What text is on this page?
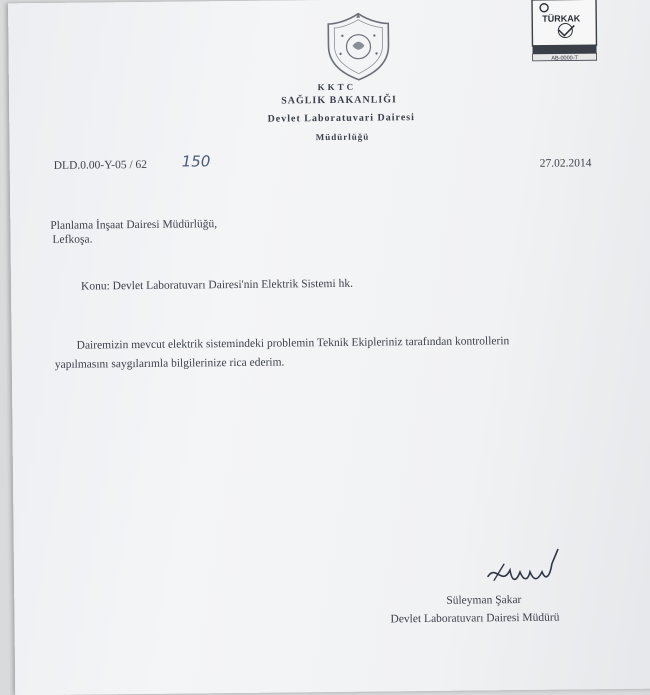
KKTC
SAĞLIK BAKANLIĞI
Devlet Laboratuvari Dairesi
Müdürlüğü
TÜRKAK
AB-0000-T
DLD.0.00-Y-05 / 62 150	27.02.2014
Planlama İnşaat Dairesi Müdürlüğü,
Lefkoşa.
Konu: Devlet Laboratuvarı Dairesi'nin Elektrik Sistemi hk.
Dairemizin mevcut elektrik sistemindeki problemin Teknik Ekipleriniz tarafından kontrollerin
yapılmasını saygılarımla bilgilerinize rica ederim.
Süleyman Şakar
Devlet Laboratuvarı Dairesi Müdürü
